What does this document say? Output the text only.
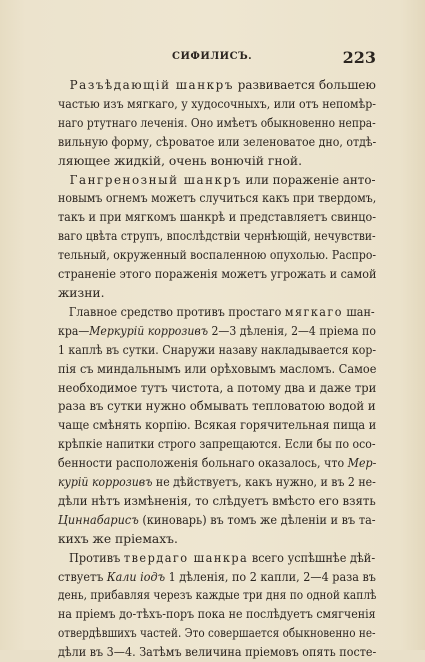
СИФИЛИСЪ.	223
Разъѣдающій шанкръ развивается большею
частью изъ мягкаго, у худосочныхъ, или отъ непомѣр-
наго ртутнаго леченія. Оно имѣетъ обыкновенно непра-
вильную форму, сѣроватое или зеленоватое дно, отдѣ-
ляющее жидкій, очень вонючій гной.
Гангренозный шанкръ или пораженіе анто-
новымъ огнемъ можетъ случиться какъ при твердомъ,
такъ и при мягкомъ шанкрѣ и представляетъ свинцо-
ваго цвѣта струпъ, впослѣдствіи чернѣющій, нечувстви-
тельный, окруженный воспаленною опухолью. Распро-
страненіе этого пораженія можетъ угрожать и самой
жизни.
Главное средство противъ простаго мягкаго шан-
кра—Меркурій коррозивъ 2—3 дѣленія, 2—4 пріема по
1 каплѣ въ сутки. Снаружи назаву накладывается кор-
пія съ миндальнымъ или орѣховымъ масломъ. Самое
необходимое тутъ чистота, а потому два и даже три
раза въ сутки нужно обмывать тепловатою водой и
чаще смѣнять корпію. Всякая горячительная пища и
крѣпкіе напитки строго запрещаются. Если бы по осо-
бенности расположенія больнаго оказалось, что Мер-
курій коррозивъ не дѣйствуетъ, какъ нужно, и въ 2 не-
дѣли нѣтъ измѣненія, то слѣдуетъ вмѣсто его взять
Циннабарисъ (киноварь) въ томъ же дѣленіи и въ та-
кихъ же пріемахъ.
Противъ твердаго шанкра всего успѣшнѣе дѣй-
ствуетъ Кали іодъ 1 дѣленія, по 2 капли, 2—4 раза въ
день, прибавляя черезъ каждые три дня по одной каплѣ
на пріемъ до-тѣхъ-поръ пока не послѣдуетъ смягченія
отвердѣвшихъ частей. Это совершается обыкновенно не-
дѣли въ 3—4. Затѣмъ величина пріемовъ опять посте-
